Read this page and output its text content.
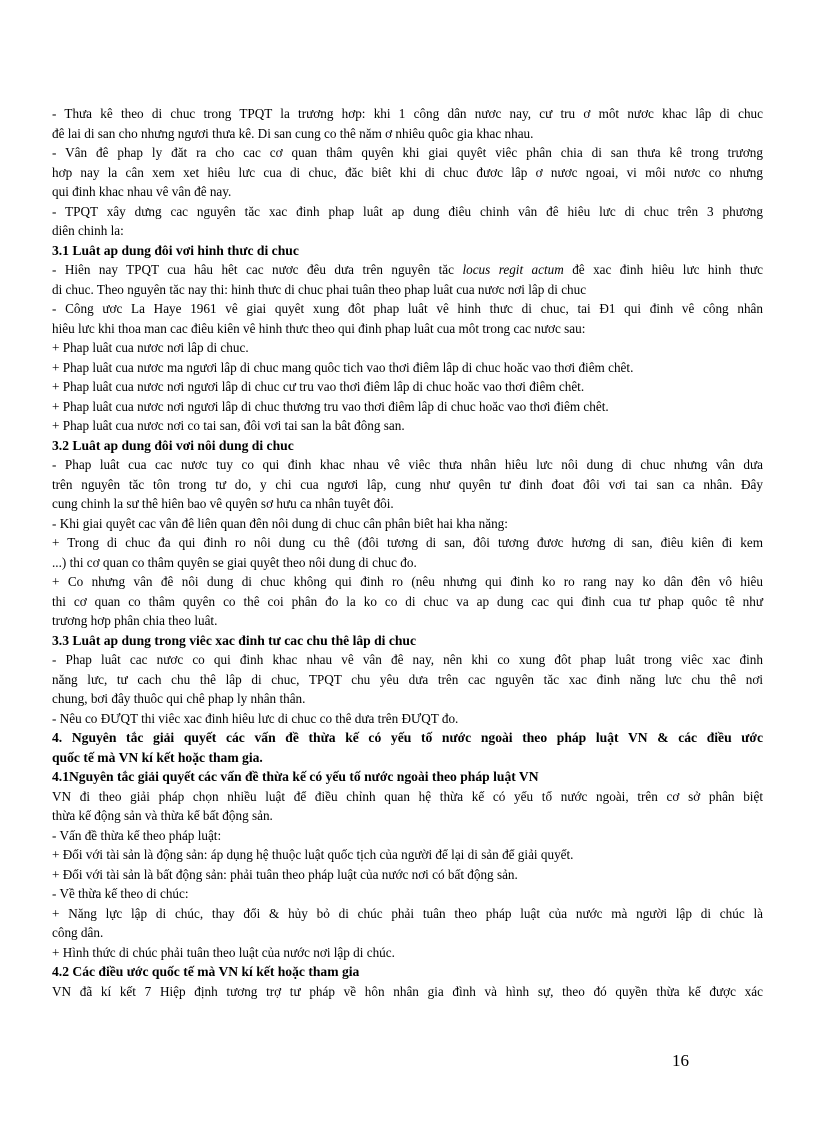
- Thưa kê theo di chuc trong TPQT la trương hơp: khi 1 công dân nươc nay, cư tru ơ môt nươc khac lâp di chuc
đê lai di san cho nhưng ngươi thưa kê. Di san cung co thê năm ơ nhiêu quôc gia khac nhau.
- Vân đê phap ly đăt ra cho cac cơ quan thâm quyên khi giai quyêt viêc phân chia di san thưa kê trong trương
hơp nay la cân xem xet hiêu lưc cua di chuc, đăc biêt khi di chuc đươc lâp ơ nươc ngoai, vi môi nươc co nhưng
qui đinh khac nhau vê vân đê nay.
- TPQT xây dưng cac nguyên tăc xac đinh phap luât ap dung điêu chinh vân đê hiêu lưc di chuc trên 3 phương
diên chinh la:
3.1 Luât ap dung đôi vơi hinh thưc di chuc
- Hiên nay TPQT cua hâu hêt cac nươc đêu dưa trên nguyên tăc locus regit actum đê xac đinh hiêu lưc hinh thưc
di chuc. Theo nguyên tăc nay thi: hinh thưc di chuc phai tuân theo phap luât cua nươc nơi lâp di chuc
- Công ươc La Haye 1961 vê giai quyêt xung đôt phap luât vê hinh thưc di chuc, tai Đ1 qui đinh vê công nhân
hiêu lưc khi thoa man cac điêu kiên vê hinh thưc theo qui đinh phap luât cua môt trong cac nươc sau:
+ Phap luât cua nươc nơi lâp di chuc.
+ Phap luât cua nươc ma ngươi lâp di chuc mang quôc tich vao thơi điêm lâp di chuc hoăc vao thơi điêm chêt.
+ Phap luât cua nươc nơi ngươi lâp di chuc cư tru vao thơi điêm lâp di chuc hoăc vao thơi điêm chêt.
+ Phap luât cua nươc nơi ngươi lâp di chuc thương tru vao thơi điêm lâp di chuc hoăc vao thơi điêm chêt.
+ Phap luât cua nươc nơi co tai san, đôi vơi tai san la bât đông san.
3.2 Luât ap dung đôi vơi nôi dung di chuc
- Phap luât cua cac nươc tuy co qui đinh khac nhau vê viêc thưa nhân hiêu lưc nôi dung di chuc nhưng vân dưa
trên nguyên tăc tôn trong tư do, y chi cua ngươi lâp, cung như quyên tư đinh đoat đôi vơi tai san ca nhân. Đây
cung chinh la sư thê hiên bao vê quyên sơ hưu ca nhân tuyêt đôi.
- Khi giai quyêt cac vân đê liên quan đên nôi dung di chuc cân phân biêt hai kha năng:
+ Trong di chuc đa qui đinh ro nôi dung cu thê (đôi tương di san, đôi tương đươc hương di san, điêu kiên đi kem
...) thi cơ quan co thâm quyên se giai quyêt theo nôi dung di chuc đo.
+ Co nhưng vân đê nôi dung di chuc không qui đinh ro (nêu nhưng qui đinh ko ro rang nay ko dân đên vô hiêu
thi cơ quan co thâm quyên co thê coi phân đo la ko co di chuc va ap dung cac qui đinh cua tư phap quôc tê như
trương hơp phân chia theo luât.
3.3 Luât ap dung trong viêc xac đinh tư cac chu thê lâp di chuc
- Phap luât cac nươc co qui đinh khac nhau vê vân đê nay, nên khi co xung đôt phap luât trong viêc xac đinh
năng lưc, tư cach chu thê lâp di chuc, TPQT chu yêu dưa trên cac nguyên tăc xac đinh năng lưc chu thê nơi
chung, bơi đây thuôc qui chê phap ly nhân thân.
- Nêu co ĐƯQT thi viêc xac đinh hiêu lưc di chuc co thê dưa trên ĐƯQT đo.
4. Nguyên tắc giải quyết các vấn đề thừa kế có yếu tố nước ngoài theo pháp luật VN & các điều ước
quốc tế mà VN kí kết hoặc tham gia.
4.1Nguyên tắc giải quyết các vấn đề thừa kế có yếu tố nước ngoài theo pháp luật VN
VN đi theo giải pháp chọn nhiều luật để điều chỉnh quan hệ thừa kế có yếu tố nước ngoài, trên cơ sở phân biệt
thừa kế động sản và thừa kế bất động sản.
- Vấn đề thừa kế theo pháp luật:
+ Đối với tài sản là động sản: áp dụng hệ thuộc luật quốc tịch của người để lại di sản để giải quyết.
+ Đối với tài sản là bất động sản: phải tuân theo pháp luật của nước nơi có bất động sản.
- Về thừa kế theo di chúc:
+ Năng lực lập di chúc, thay đổi & hủy bỏ di chúc phải tuân theo pháp luật của nước mà người lập di chúc là
công dân.
+ Hình thức di chúc phải tuân theo luật của nước nơi lập di chúc.
4.2 Các điều ước quốc tế mà VN kí kết hoặc tham gia
VN đã kí kết 7 Hiệp định tương trợ tư pháp về hôn nhân gia đình và hình sự, theo đó quyền thừa kế được xác
16
